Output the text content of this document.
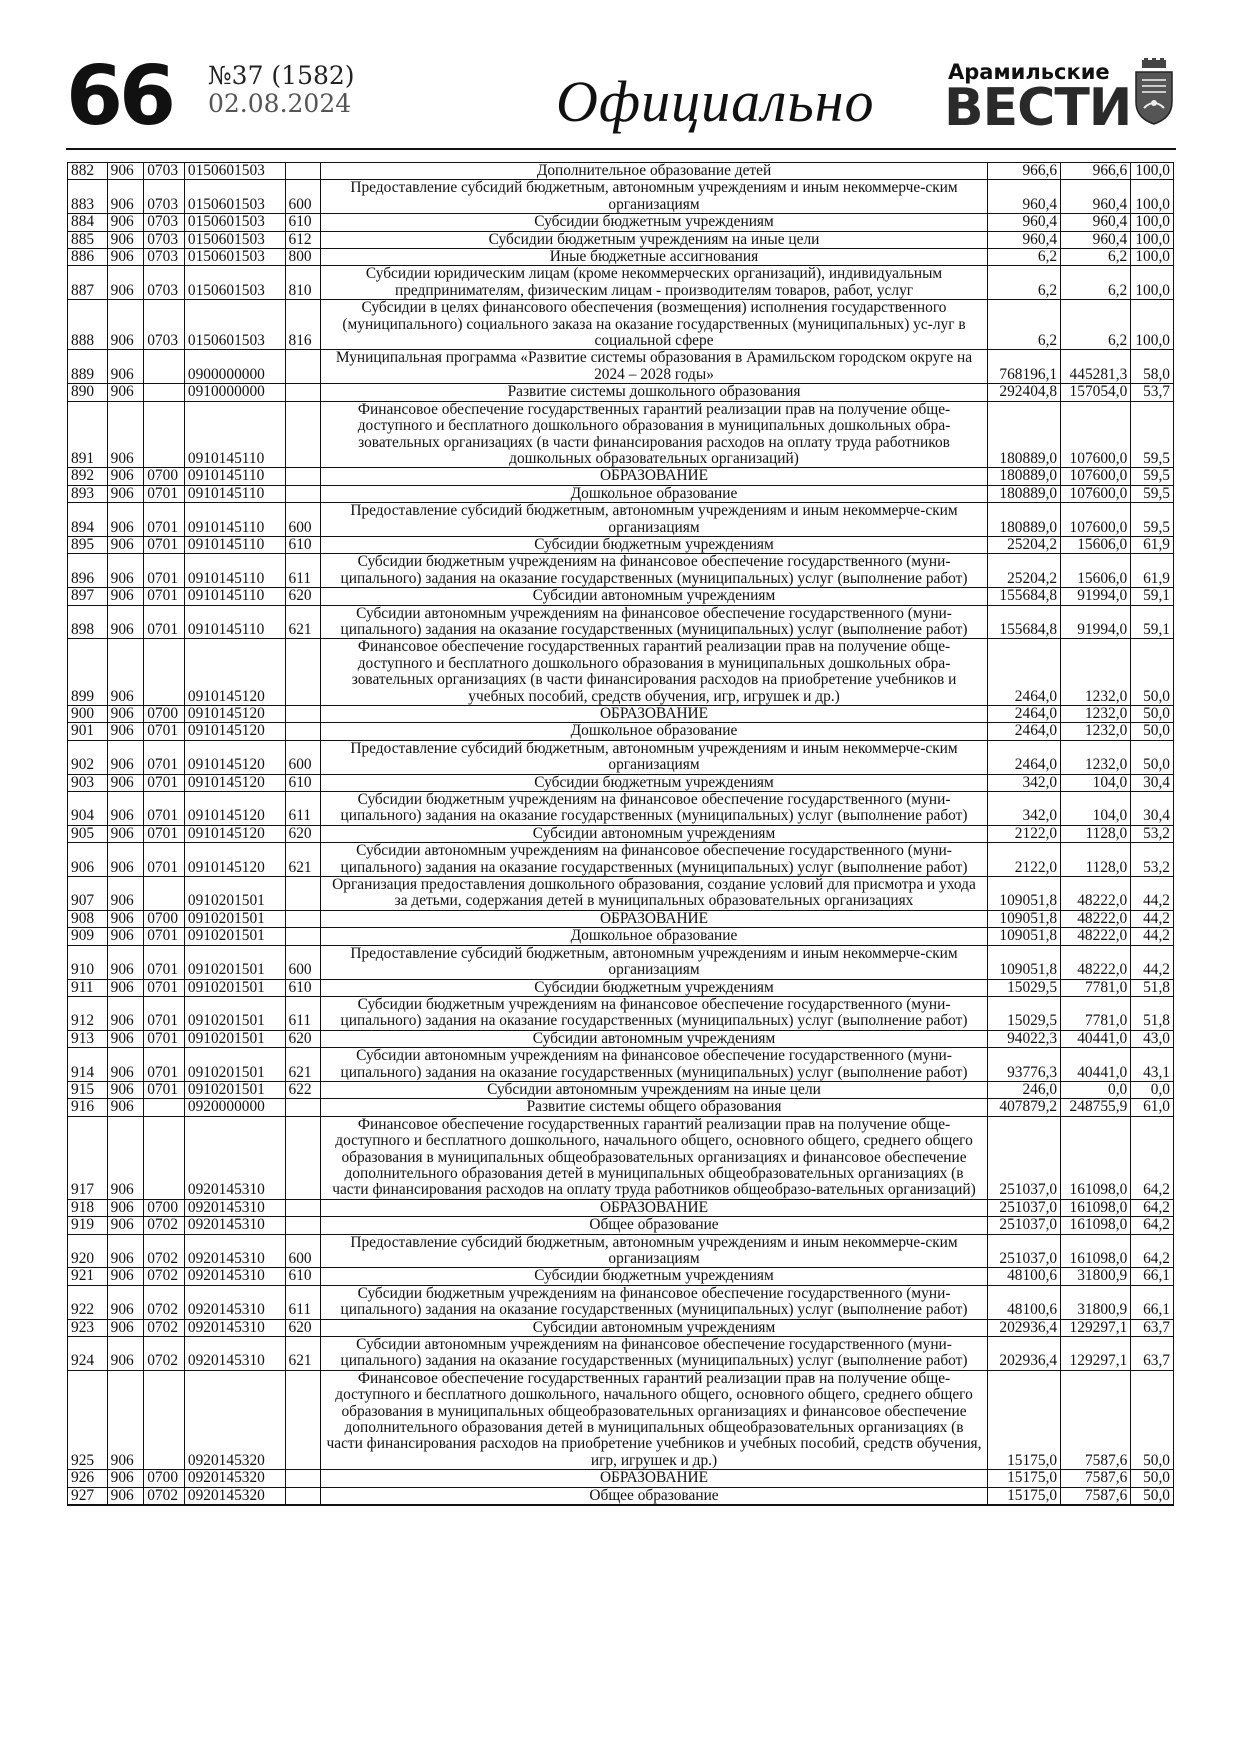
66 №37 (1582)
02.08.2024	Официально	Арамильские
ВЕСТИ
882	906	0703	0150601503		Дополнительное образование детей	966,6	966,6	100,0
883	906	0703	0150601503	600	Предоставление субсидий бюджетным, автономным учреждениям и иным некоммерче-ским организациям	960,4	960,4	100,0
884	906	0703	0150601503	610	Субсидии бюджетным учреждениям	960,4	960,4	100,0
885	906	0703	0150601503	612	Субсидии бюджетным учреждениям на иные цели	960,4	960,4	100,0
886	906	0703	0150601503	800	Иные бюджетные ассигнования	6,2	6,2	100,0
887	906	0703	0150601503	810	Субсидии юридическим лицам (кроме некоммерческих организаций), индивидуальным предпринимателям, физическим лицам - производителям товаров, работ, услуг	6,2	6,2	100,0
888	906	0703	0150601503	816	Субсидии в целях финансового обеспечения (возмещения) исполнения государственного (муниципального) социального заказа на оказание государственных (муниципальных) ус-луг в социальной сфере	6,2	6,2	100,0
889	906		0900000000		Муниципальная программа «Развитие системы образования в Арамильском городском округе на 2024 – 2028 годы»	768196,1	445281,3	58,0
890	906		0910000000		Развитие системы дошкольного образования	292404,8	157054,0	53,7
891	906		0910145110		Финансовое обеспечение государственных гарантий реализации прав на получение обще-доступного и бесплатного дошкольного образования в муниципальных дошкольных обра-зовательных организациях (в части финансирования расходов на оплату труда работников дошкольных образовательных организаций)	180889,0	107600,0	59,5
892	906	0700	0910145110		ОБРАЗОВАНИЕ	180889,0	107600,0	59,5
893	906	0701	0910145110		Дошкольное образование	180889,0	107600,0	59,5
894	906	0701	0910145110	600	Предоставление субсидий бюджетным, автономным учреждениям и иным некоммерче-ским организациям	180889,0	107600,0	59,5
895	906	0701	0910145110	610	Субсидии бюджетным учреждениям	25204,2	15606,0	61,9
896	906	0701	0910145110	611	Субсидии бюджетным учреждениям на финансовое обеспечение государственного (муни-ципального) задания на оказание государственных (муниципальных) услуг (выполнение работ)	25204,2	15606,0	61,9
897	906	0701	0910145110	620	Субсидии автономным учреждениям	155684,8	91994,0	59,1
898	906	0701	0910145110	621	Субсидии автономным учреждениям на финансовое обеспечение государственного (муни-ципального) задания на оказание государственных (муниципальных) услуг (выполнение работ)	155684,8	91994,0	59,1
899	906		0910145120		Финансовое обеспечение государственных гарантий реализации прав на получение обще-доступного и бесплатного дошкольного образования в муниципальных дошкольных обра-зовательных организациях (в части финансирования расходов на приобретение учебников и учебных пособий, средств обучения, игр, игрушек и др.)	2464,0	1232,0	50,0
900	906	0700	0910145120		ОБРАЗОВАНИЕ	2464,0	1232,0	50,0
901	906	0701	0910145120		Дошкольное образование	2464,0	1232,0	50,0
902	906	0701	0910145120	600	Предоставление субсидий бюджетным, автономным учреждениям и иным некоммерче-ским организациям	2464,0	1232,0	50,0
903	906	0701	0910145120	610	Субсидии бюджетным учреждениям	342,0	104,0	30,4
904	906	0701	0910145120	611	Субсидии бюджетным учреждениям на финансовое обеспечение государственного (муни-ципального) задания на оказание государственных (муниципальных) услуг (выполнение работ)	342,0	104,0	30,4
905	906	0701	0910145120	620	Субсидии автономным учреждениям	2122,0	1128,0	53,2
906	906	0701	0910145120	621	Субсидии автономным учреждениям на финансовое обеспечение государственного (муни-ципального) задания на оказание государственных (муниципальных) услуг (выполнение работ)	2122,0	1128,0	53,2
907	906		0910201501		Организация предоставления дошкольного образования, создание условий для присмотра и ухода за детьми, содержания детей в муниципальных образовательных организациях	109051,8	48222,0	44,2
908	906	0700	0910201501		ОБРАЗОВАНИЕ	109051,8	48222,0	44,2
909	906	0701	0910201501		Дошкольное образование	109051,8	48222,0	44,2
910	906	0701	0910201501	600	Предоставление субсидий бюджетным, автономным учреждениям и иным некоммерче-ским организациям	109051,8	48222,0	44,2
911	906	0701	0910201501	610	Субсидии бюджетным учреждениям	15029,5	7781,0	51,8
912	906	0701	0910201501	611	Субсидии бюджетным учреждениям на финансовое обеспечение государственного (муни-ципального) задания на оказание государственных (муниципальных) услуг (выполнение работ)	15029,5	7781,0	51,8
913	906	0701	0910201501	620	Субсидии автономным учреждениям	94022,3	40441,0	43,0
914	906	0701	0910201501	621	Субсидии автономным учреждениям на финансовое обеспечение государственного (муни-ципального) задания на оказание государственных (муниципальных) услуг (выполнение работ)	93776,3	40441,0	43,1
915	906	0701	0910201501	622	Субсидии автономным учреждениям на иные цели	246,0	0,0	0,0
916	906		0920000000		Развитие системы общего образования	407879,2	248755,9	61,0
917	906		0920145310		Финансовое обеспечение государственных гарантий реализации прав на получение обще-доступного и бесплатного дошкольного, начального общего, основного общего, среднего общего образования в муниципальных общеобразовательных организациях и финансовое обеспечение дополнительного образования детей в муниципальных общеобразовательных организациях (в части финансирования расходов на оплату труда работников общеобразо-вательных организаций)	251037,0	161098,0	64,2
918	906	0700	0920145310		ОБРАЗОВАНИЕ	251037,0	161098,0	64,2
919	906	0702	0920145310		Общее образование	251037,0	161098,0	64,2
920	906	0702	0920145310	600	Предоставление субсидий бюджетным, автономным учреждениям и иным некоммерче-ским организациям	251037,0	161098,0	64,2
921	906	0702	0920145310	610	Субсидии бюджетным учреждениям	48100,6	31800,9	66,1
922	906	0702	0920145310	611	Субсидии бюджетным учреждениям на финансовое обеспечение государственного (муни-ципального) задания на оказание государственных (муниципальных) услуг (выполнение работ)	48100,6	31800,9	66,1
923	906	0702	0920145310	620	Субсидии автономным учреждениям	202936,4	129297,1	63,7
924	906	0702	0920145310	621	Субсидии автономным учреждениям на финансовое обеспечение государственного (муни-ципального) задания на оказание государственных (муниципальных) услуг (выполнение работ)	202936,4	129297,1	63,7
925	906		0920145320		Финансовое обеспечение государственных гарантий реализации прав на получение обще-доступного и бесплатного дошкольного, начального общего, основного общего, среднего общего образования в муниципальных общеобразовательных организациях и финансовое обеспечение дополнительного образования детей в муниципальных общеобразовательных организациях (в части финансирования расходов на приобретение учебников и учебных пособий, средств обучения, игр, игрушек и др.)	15175,0	7587,6	50,0
926	906	0700	0920145320		ОБРАЗОВАНИЕ	15175,0	7587,6	50,0
927	906	0702	0920145320		Общее образование	15175,0	7587,6	50,0
